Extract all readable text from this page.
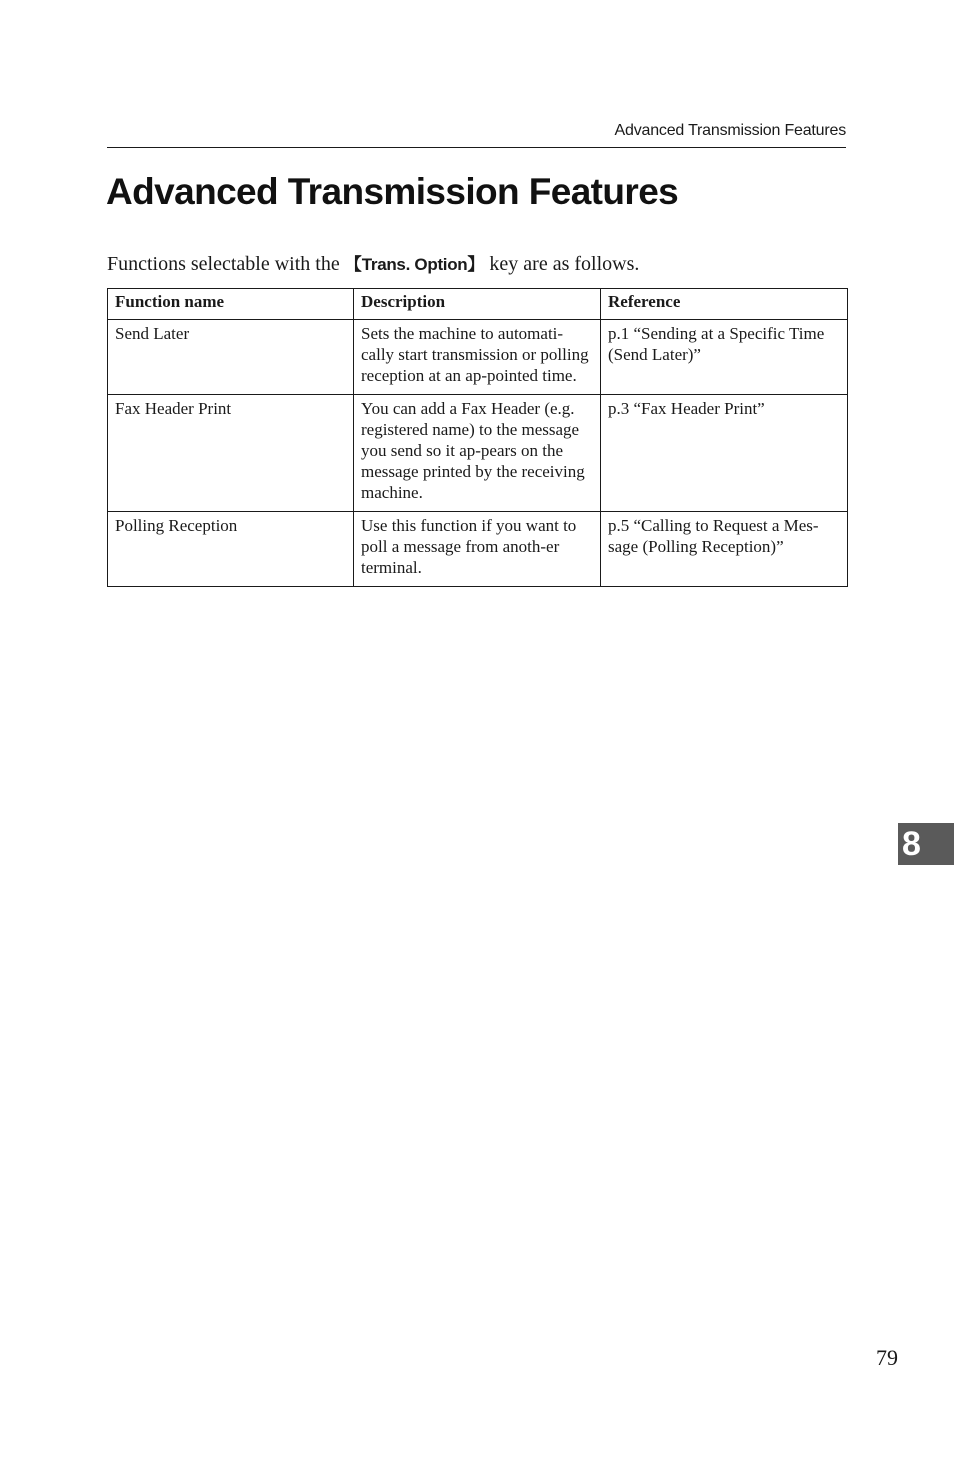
Advanced Transmission Features
Advanced Transmission Features
Functions selectable with the 【Trans. Option】 key are as follows.
Function name	Description	Reference
Send Later	Sets the machine to automati-cally start transmission or polling reception at an ap-pointed time.	p.1 “Sending at a Specific Time (Send Later)”
Fax Header Print	You can add a Fax Header (e.g. registered name) to the message you send so it ap-pears on the message printed by the receiving machine.	p.3 “Fax Header Print”
Polling Reception	Use this function if you want to poll a message from anoth-er terminal.	p.5 “Calling to Request a Mes-sage (Polling Reception)”
8
79
